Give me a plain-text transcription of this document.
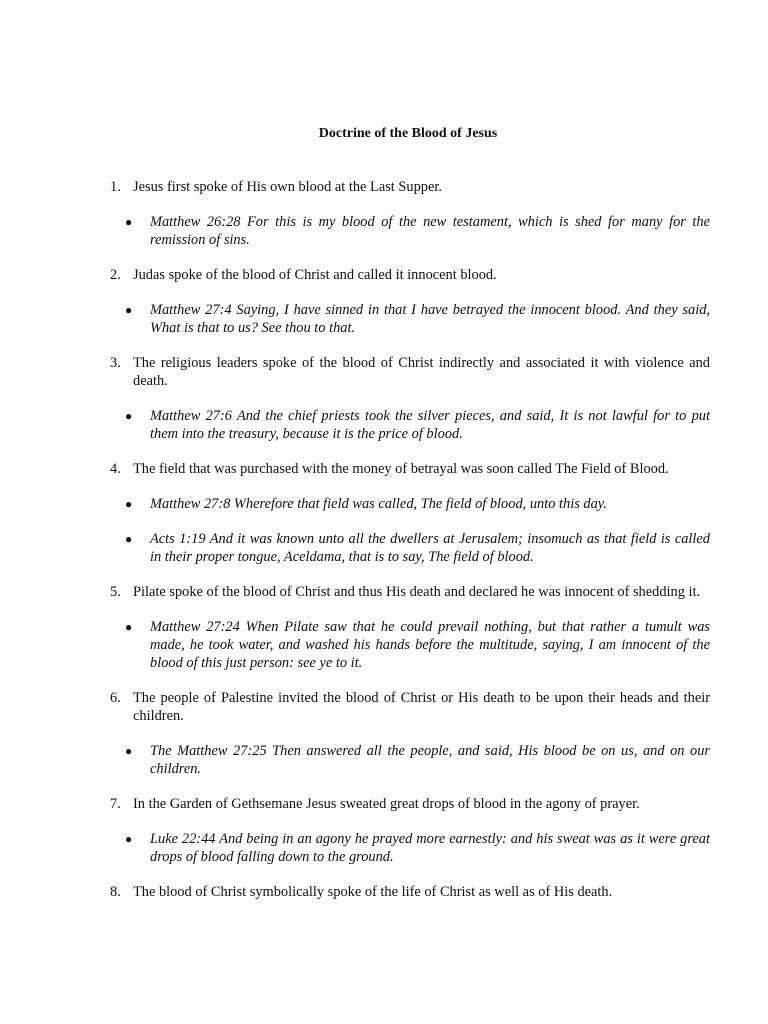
Doctrine of the Blood of Jesus
1. Jesus first spoke of His own blood at the Last Supper.
● Matthew 26:28 For this is my blood of the new testament, which is shed for many for the remission of sins.
2. Judas spoke of the blood of Christ and called it innocent blood.
● Matthew 27:4 Saying, I have sinned in that I have betrayed the innocent blood. And they said, What is that to us? See thou to that.
3. The religious leaders spoke of the blood of Christ indirectly and associated it with violence and death.
● Matthew 27:6 And the chief priests took the silver pieces, and said, It is not lawful for to put them into the treasury, because it is the price of blood.
4. The field that was purchased with the money of betrayal was soon called The Field of Blood.
● Matthew 27:8 Wherefore that field was called, The field of blood, unto this day.
● Acts 1:19 And it was known unto all the dwellers at Jerusalem; insomuch as that field is called in their proper tongue, Aceldama, that is to say, The field of blood.
5. Pilate spoke of the blood of Christ and thus His death and declared he was innocent of shedding it.
● Matthew 27:24 When Pilate saw that he could prevail nothing, but that rather a tumult was made, he took water, and washed his hands before the multitude, saying, I am innocent of the blood of this just person: see ye to it.
6. The people of Palestine invited the blood of Christ or His death to be upon their heads and their children.
● The Matthew 27:25 Then answered all the people, and said, His blood be on us, and on our children.
7. In the Garden of Gethsemane Jesus sweated great drops of blood in the agony of prayer.
● Luke 22:44 And being in an agony he prayed more earnestly: and his sweat was as it were great drops of blood falling down to the ground.
8. The blood of Christ symbolically spoke of the life of Christ as well as of His death.
